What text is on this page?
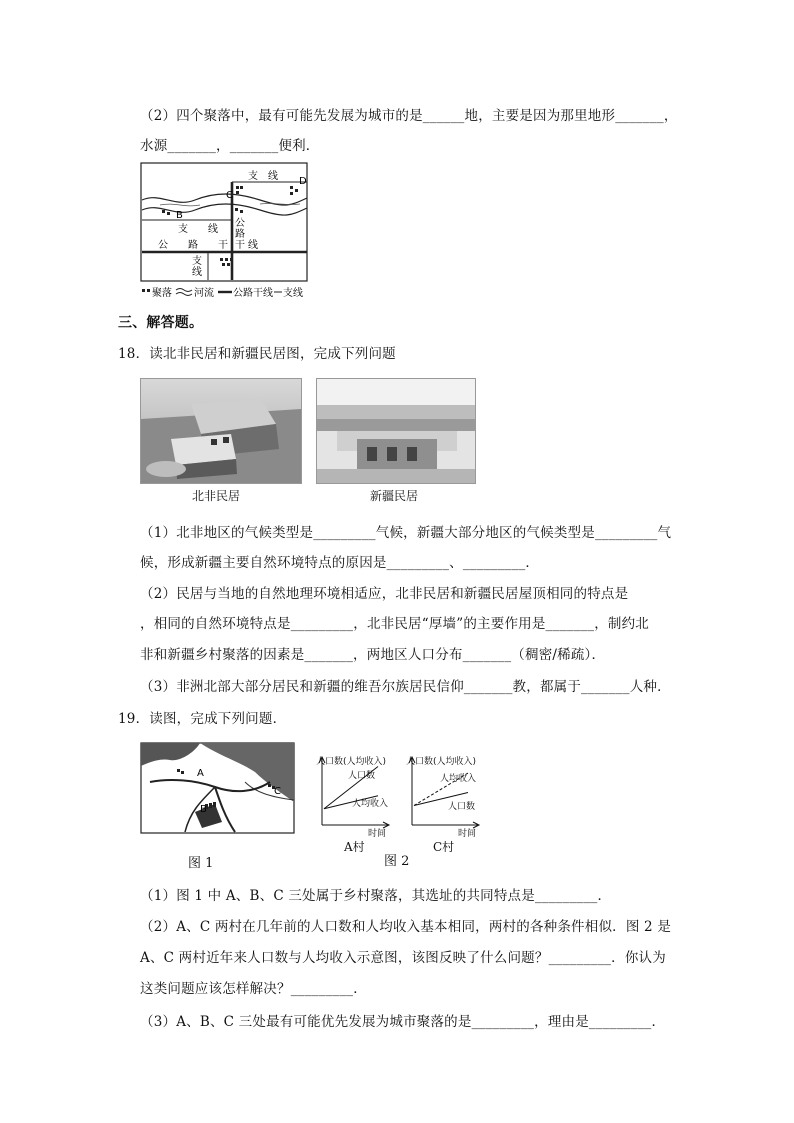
（2）四个聚落中，最有可能先发展为城市的是______地，主要是因为那里地形_______，
水源_______，_______便利．
C
D
B
支　线
支　　线
公　　路　　干
公
路
干 线
支
线
聚落 河流 公路干线 支线
三、解答题。
18．读北非民居和新疆民居图，完成下列问题
北非民居	新疆民居
（1）北非地区的气候类型是_________气候，新疆大部分地区的气候类型是_________气
候，形成新疆主要自然环境特点的原因是_________、_________．
（2）民居与当地的自然地理环境相适应，北非民居和新疆民居屋顶相同的特点是
，相同的自然环境特点是_________，北非民居“厚墙”的主要作用是_______，制约北
非和新疆乡村聚落的因素是_______，两地区人口分布_______（稠密/稀疏）．
（3）非洲北部大部分居民和新疆的维吾尔族居民信仰_______教，都属于_______人种．
19．读图，完成下列问题．
A
B
C
人口数(人均收入) 人口数(人均收入)
时间	时间
人口数
人均收入
人均收入
人口数
A村	C村
图 1	图 2
（1）图 1 中 A、B、C 三处属于乡村聚落，其选址的共同特点是_________．
（2）A、C 两村在几年前的人口数和人均收入基本相同，两村的各种条件相似．图 2 是
A、C 两村近年来人口数与人均收入示意图，该图反映了什么问题？_________．你认为
这类问题应该怎样解决？_________．
（3）A、B、C 三处最有可能优先发展为城市聚落的是_________，理由是_________．
